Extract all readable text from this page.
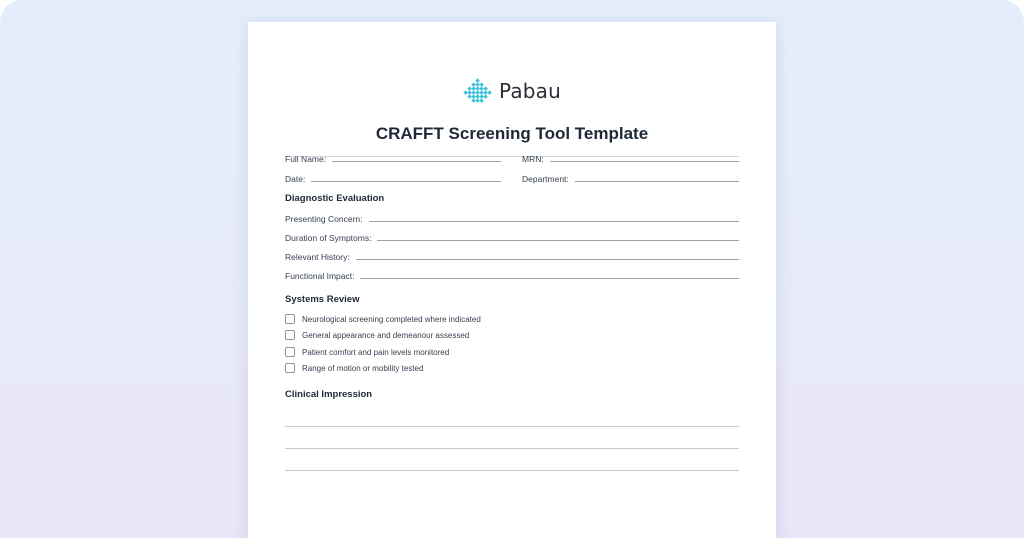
Pabau
CRAFFT Screening Tool Template
Full Name:	MRN:
Date:	Department:
Diagnostic Evaluation
Presenting Concern:
Duration of Symptoms:
Relevant History:
Functional Impact:
Systems Review
Neurological screening completed where indicated
General appearance and demeanour assessed
Patient comfort and pain levels monitored
Range of motion or mobility tested
Clinical Impression
